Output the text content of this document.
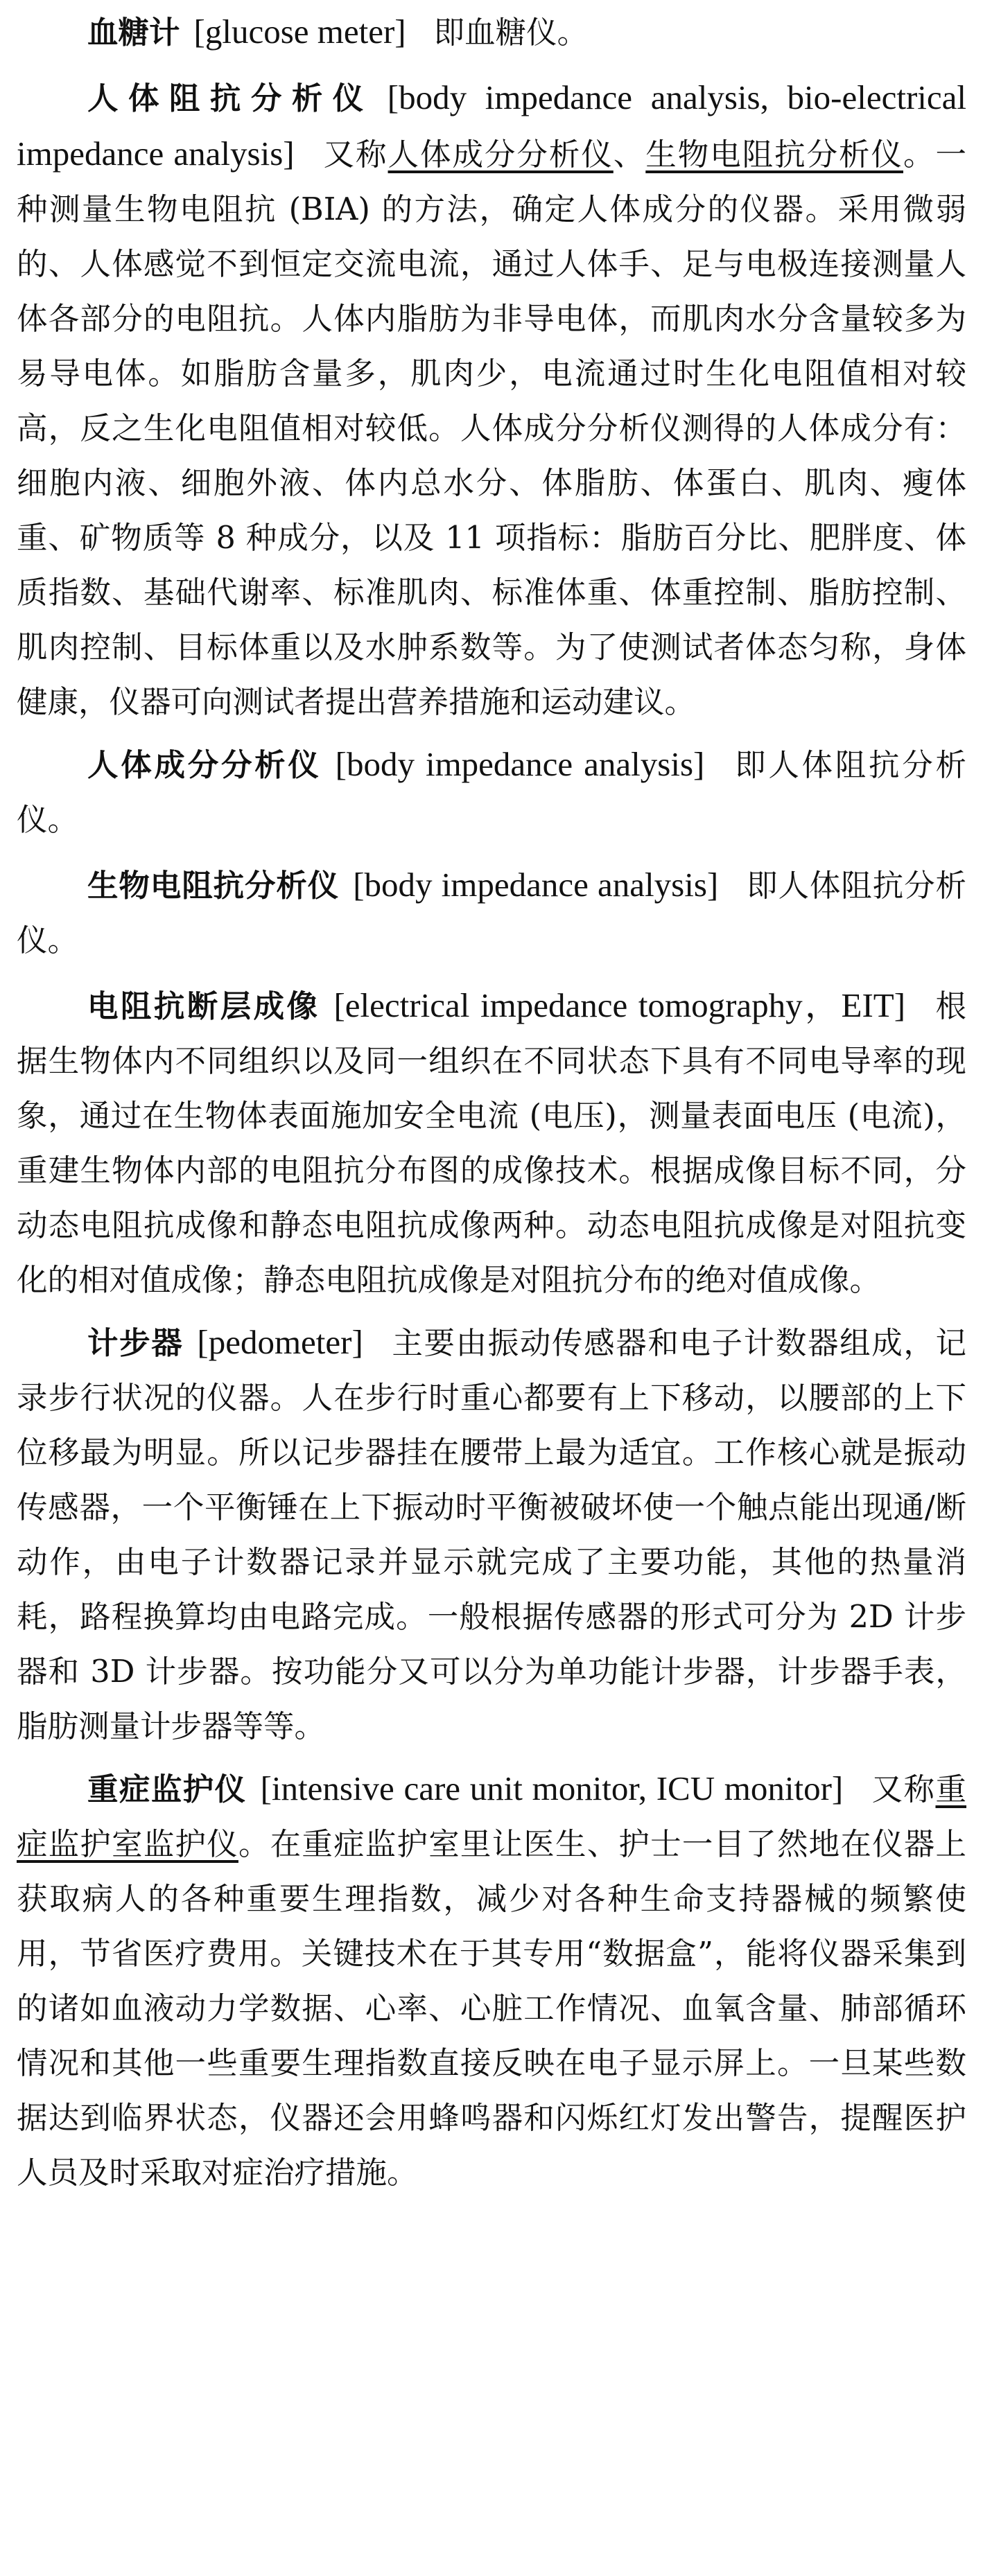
血糖计 [glucose meter] 即血糖仪。

人体阻抗分析仪 [body impedance analysis, bio-electrical impedance analysis] 又称人体成分分析仪、生物电阻抗分析仪。一种测量生物电阻抗 (BIA) 的方法，确定人体成分的仪器。采用微弱的、人体感觉不到恒定交流电流，通过人体手、足与电极连接测量人体各部分的电阻抗。人体内脂肪为非导电体，而肌肉水分含量较多为易导电体。如脂肪含量多，肌肉少，电流通过时生化电阻值相对较高，反之生化电阻值相对较低。人体成分分析仪测得的人体成分有：细胞内液、细胞外液、体内总水分、体脂肪、体蛋白、肌肉、瘦体重、矿物质等 8 种成分，以及 11 项指标：脂肪百分比、肥胖度、体质指数、基础代谢率、标准肌肉、标准体重、体重控制、脂肪控制、肌肉控制、目标体重以及水肿系数等。为了使测试者体态匀称，身体健康，仪器可向测试者提出营养措施和运动建议。

人体成分分析仪 [body impedance analysis] 即人体阻抗分析仪。

生物电阻抗分析仪 [body impedance analysis] 即人体阻抗分析仪。

电阻抗断层成像 [electrical impedance tomography，EIT] 根据生物体内不同组织以及同一组织在不同状态下具有不同电导率的现象，通过在生物体表面施加安全电流 (电压)，测量表面电压 (电流)，重建生物体内部的电阻抗分布图的成像技术。根据成像目标不同，分动态电阻抗成像和静态电阻抗成像两种。动态电阻抗成像是对阻抗变化的相对值成像；静态电阻抗成像是对阻抗分布的绝对值成像。

计步器 [pedometer] 主要由振动传感器和电子计数器组成，记录步行状况的仪器。人在步行时重心都要有上下移动，以腰部的上下位移最为明显。所以记步器挂在腰带上最为适宜。工作核心就是振动传感器，一个平衡锤在上下振动时平衡被破坏使一个触点能出现通/断动作，由电子计数器记录并显示就完成了主要功能，其他的热量消耗，路程换算均由电路完成。一般根据传感器的形式可分为 2D 计步器和 3D 计步器。按功能分又可以分为单功能计步器，计步器手表，脂肪测量计步器等等。

重症监护仪 [intensive care unit monitor, ICU monitor] 又称重症监护室监护仪。在重症监护室里让医生、护士一目了然地在仪器上获取病人的各种重要生理指数，减少对各种生命支持器械的频繁使用，节省医疗费用。关键技术在于其专用“数据盒”，能将仪器采集到的诸如血液动力学数据、心率、心脏工作情况、血氧含量、肺部循环情况和其他一些重要生理指数直接反映在电子显示屏上。一旦某些数据达到临界状态，仪器还会用蜂鸣器和闪烁红灯发出警告，提醒医护人员及时采取对症治疗措施。
